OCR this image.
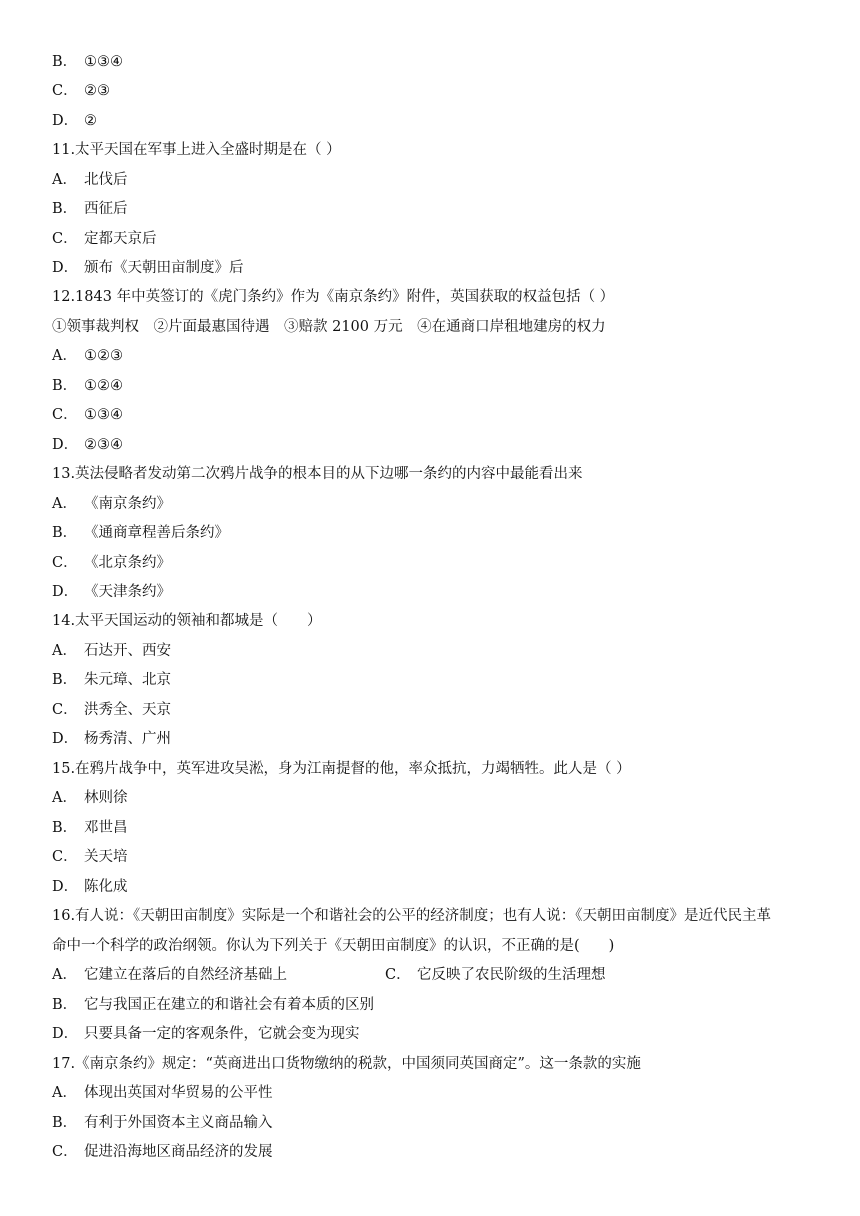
B． ①③④
C． ②③
D． ②
11.太平天国在军事上进入全盛时期是在（ ）
A． 北伐后
B． 西征后
C． 定都天京后
D． 颁布《天朝田亩制度》后
12.1843 年中英签订的《虎门条约》作为《南京条约》附件，英国获取的权益包括（ ）
①领事裁判权　②片面最惠国待遇　③赔款 2100 万元　④在通商口岸租地建房的权力
A． ①②③
B． ①②④
C． ①③④
D． ②③④
13.英法侵略者发动第二次鸦片战争的根本目的从下边哪一条约的内容中最能看出来
A． 《南京条约》
B． 《通商章程善后条约》
C． 《北京条约》
D． 《天津条约》
14.太平天国运动的领袖和都城是（　　）
A． 石达开、西安
B． 朱元璋、北京
C． 洪秀全、天京
D． 杨秀清、广州
15.在鸦片战争中，英军进攻吴淞，身为江南提督的他，率众抵抗，力竭牺牲。此人是（ ）
A． 林则徐
B． 邓世昌
C． 关天培
D． 陈化成
16.有人说：《天朝田亩制度》实际是一个和谐社会的公平的经济制度；也有人说：《天朝田亩制度》是近代民主革
命中一个科学的政治纲领。你认为下列关于《天朝田亩制度》的认识，不正确的是(　　)
A． 它建立在落后的自然经济基础上	C． 它反映了农民阶级的生活理想
B． 它与我国正在建立的和谐社会有着本质的区别
D． 只要具备一定的客观条件，它就会变为现实
17.《南京条约》规定：“英商进出口货物缴纳的税款，中国须同英国商定”。这一条款的实施
A． 体现出英国对华贸易的公平性
B． 有利于外国资本主义商品输入
C． 促进沿海地区商品经济的发展
